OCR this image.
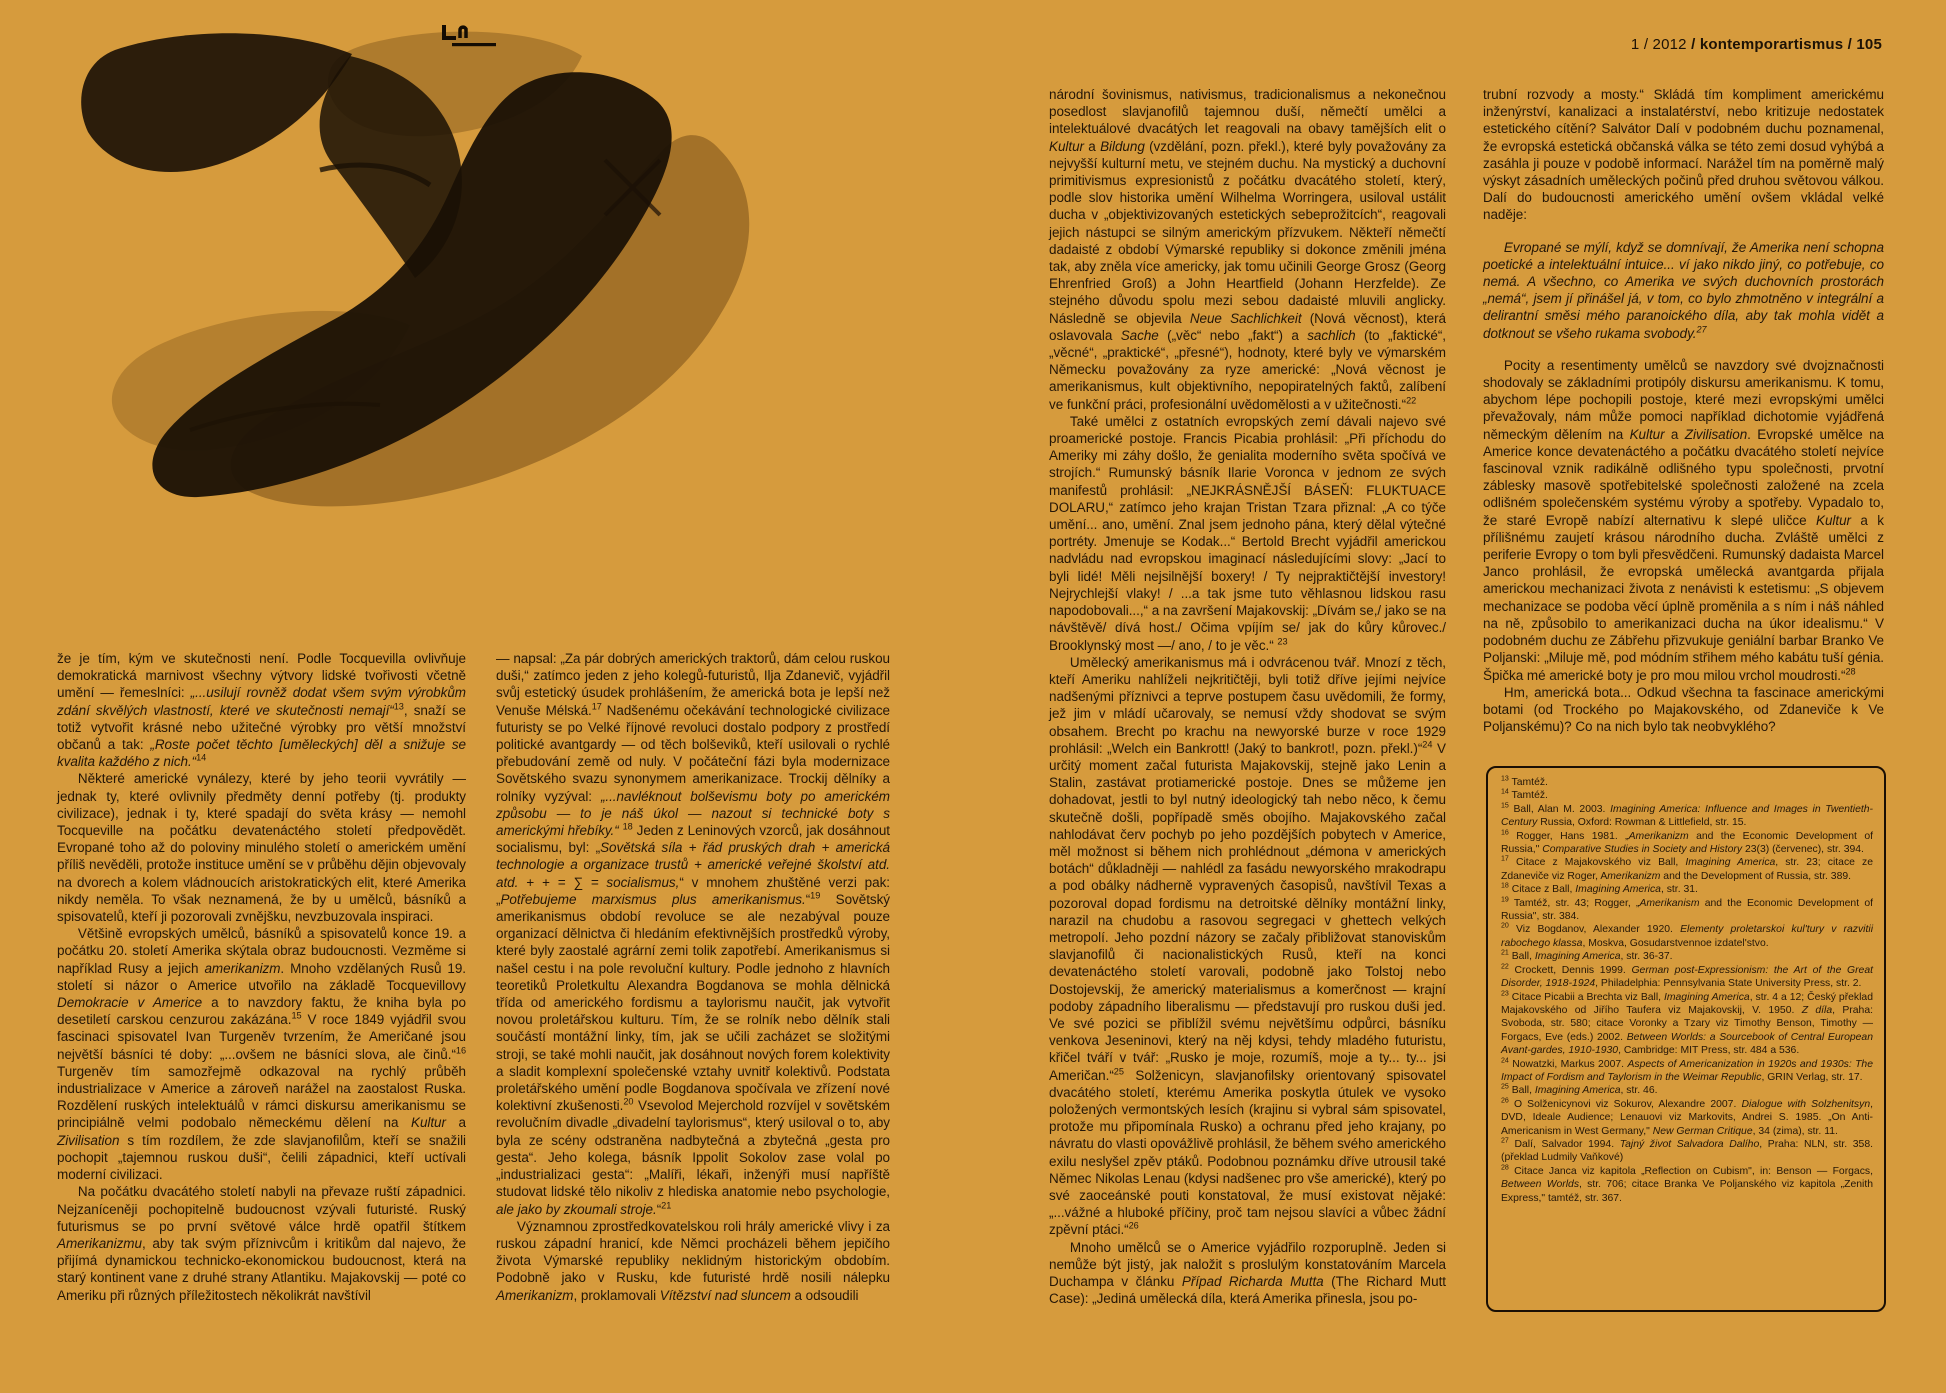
1 / 2012 / kontemporartismus / 105

že je tím, kým ve skutečnosti není. Podle Tocquevilla ovlivňuje demokratická marnivost všechny výtvory lidské tvořivosti včetně umění — řemeslníci: „...usilují rovněž dodat všem svým výrobkům zdání skvělých vlastností, které ve skutečnosti nemají“$^{13}$, snaží se totiž vytvořit krásné nebo užitečné výrobky pro větší množství občanů a tak: „Roste počet těchto [uměleckých] děl a snižuje se kvalita každého z nich.“$^{14}$

Některé americké vynálezy, které by jeho teorii vyvrátily — jednak ty, které ovlivnily předměty denní potřeby (tj. produkty civilizace), jednak i ty, které spadají do světa krásy — nemohl Tocqueville na počátku devatenáctého století předpovědět. Evropané toho až do poloviny minulého století o americkém umění příliš nevěděli, protože instituce umění se v průběhu dějin objevovaly na dvorech a kolem vládnoucích aristokratických elit, které Amerika nikdy neměla. To však neznamená, že by u umělců, básníků a spisovatelů, kteří ji pozorovali zvnějšku, nevzbuzovala inspiraci.

Většině evropských umělců, básníků a spisovatelů konce 19. a počátku 20. století Amerika skýtala obraz budoucnosti. Vezměme si například Rusy a jejich amerikanizm. Mnoho vzdělaných Rusů 19. století si názor o Americe utvořilo na základě Tocquevillovy Demokracie v Americe a to navzdory faktu, že kniha byla po desetiletí carskou cenzurou zakázána.$^{15}$ V roce 1849 vyjádřil svou fascinaci spisovatel Ivan Turgeněv tvrzením, že Američané jsou největší básníci té doby: „...ovšem ne básníci slova, ale činů.“$^{16}$ Turgeněv tím samozřejmě odkazoval na rychlý průběh industrializace v Americe a zároveň narážel na zaostalost Ruska. Rozdělení ruských intelektuálů v rámci diskursu amerikanismu se principiálně velmi podobalo německému dělení na Kultur a Zivilisation s tím rozdílem, že zde slavjanofilům, kteří se snažili pochopit „tajemnou ruskou duši“, čelili západnici, kteří uctívali moderní civilizaci.

Na počátku dvacátého století nabyli na převaze ruští západnici. Nejzaníceněji pochopitelně budoucnost vzývali futuristé. Ruský futurismus se po první světové válce hrdě opatřil štítkem Amerikanizmu, aby tak svým příznivcům i kritikům dal najevo, že přijímá dynamickou technicko-ekonomickou budoucnost, která na starý kontinent vane z druhé strany Atlantiku. Majakovskij — poté co Ameriku při různých příležitostech několikrát navštívil

— napsal: „Za pár dobrých amerických traktorů, dám celou ruskou duši,“ zatímco jeden z jeho kolegů-futuristů, Ilja Zdanevič, vyjádřil svůj estetický úsudek prohlášením, že americká bota je lepší než Venuše Mélská.$^{17}$ Nadšenému očekávání technologické civilizace futuristy se po Velké říjnové revoluci dostalo podpory z prostředí politické avantgardy — od těch bolševiků, kteří usilovali o rychlé přebudování země od nuly. V počáteční fázi byla modernizace Sovětského svazu synonymem amerikanizace. Trockij dělníky a rolníky vyzýval: „...navléknout bolševismu boty po americkém způsobu — to je náš úkol — nazout si technické boty s americkými hřebíky.“ $^{18}$ Jeden z Leninových vzorců, jak dosáhnout socialismu, byl: „Sovětská síla + řád pruských drah + americká technologie a organizace trustů + americké veřejné školství atd. atd. + + = ∑ = socialismus,“ v mnohem zhuštěné verzi pak: „Potřebujeme marxismus plus amerikanismus.“$^{19}$ Sovětský amerikanismus období revoluce se ale nezabýval pouze organizací dělnictva či hledáním efektivnějších prostředků výroby, které byly zaostalé agrární zemi tolik zapotřebí. Amerikanismus si našel cestu i na pole revoluční kultury. Podle jednoho z hlavních teoretiků Proletkultu Alexandra Bogdanova se mohla dělnická třída od amerického fordismu a taylorismu naučit, jak vytvořit novou proletářskou kulturu. Tím, že se rolník nebo dělník stali součástí montážní linky, tím, jak se učili zacházet se složitými stroji, se také mohli naučit, jak dosáhnout nových forem kolektivity a sladit komplexní společenské vztahy uvnitř kolektivů. Podstata proletářského umění podle Bogdanova spočívala ve zřízení nové kolektivní zkušenosti.$^{20}$ Vsevolod Mejerchold rozvíjel v sovětském revolučním divadle „divadelní taylorismus“, který usiloval o to, aby byla ze scény odstraněna nadbytečná a zbytečná „gesta pro gesta“. Jeho kolega, básník Ippolit Sokolov zase volal po „industrializaci gesta“: „Malíři, lékaři, inženýři musí napříště studovat lidské tělo nikoliv z hlediska anatomie nebo psychologie, ale jako by zkoumali stroje.“$^{21}$

Významnou zprostředkovatelskou roli hrály americké vlivy i za ruskou západní hranicí, kde Němci procházeli během jepičího života Výmarské republiky neklidným historickým obdobím. Podobně jako v Rusku, kde futuristé hrdě nosili nálepku Amerikanizm, proklamovali Vítězství nad sluncem a odsoudili

národní šovinismus, nativismus, tradicionalismus a nekonečnou posedlost slavjanofilů tajemnou duší, němečtí umělci a intelektuálové dvacátých let reagovali na obavy tamějších elit o Kultur a Bildung (vzdělání, pozn. překl.), které byly považovány za nejvyšší kulturní metu, ve stejném duchu. Na mystický a duchovní primitivismus expresionistů z počátku dvacátého století, který, podle slov historika umění Wilhelma Worringera, usiloval ustálit ducha v „objektivizovaných estetických sebeprožitcích“, reagovali jejich nástupci se silným americkým přízvukem. Někteří němečtí dadaisté z období Výmarské republiky si dokonce změnili jména tak, aby zněla více americky, jak tomu učinili George Grosz (Georg Ehrenfried Groß) a John Heartfield (Johann Herzfelde). Ze stejného důvodu spolu mezi sebou dadaisté mluvili anglicky. Následně se objevila Neue Sachlichkeit (Nová věcnost), která oslavovala Sache („věc“ nebo „fakt“) a sachlich (to „faktické“, „věcné“, „praktické“, „přesné“), hodnoty, které byly ve výmarském Německu považovány za ryze americké: „Nová věcnost je amerikanismus, kult objektivního, nepopiratelných faktů, zalíbení ve funkční práci, profesionální uvědomělosti a v užitečnosti.“$^{22}$

Také umělci z ostatních evropských zemí dávali najevo své proamerické postoje. Francis Picabia prohlásil: „Při příchodu do Ameriky mi záhy došlo, že genialita moderního světa spočívá ve strojích.“ Rumunský básník Ilarie Voronca v jednom ze svých manifestů prohlásil: „NEJKRÁSNĚJŠÍ BÁSEŇ: FLUKTUACE DOLARU,“ zatímco jeho krajan Tristan Tzara přiznal: „A co týče umění... ano, umění. Znal jsem jednoho pána, který dělal výtečné portréty. Jmenuje se Kodak...“ Bertold Brecht vyjádřil americkou nadvládu nad evropskou imaginací následujícími slovy: „Jací to byli lidé! Měli nejsilnější boxery! / Ty nejpraktičtější investory! Nejrychlejší vlaky! / ...a tak jsme tuto věhlasnou lidskou rasu napodobovali...,“ a na završení Majakovskij: „Dívám se,/ jako se na návštěvě/ dívá host./ Očima vpíjím se/ jak do kůry kůrovec./ Brooklynský most —/ ano, / to je věc.“ $^{23}$

Umělecký amerikanismus má i odvrácenou tvář. Mnozí z těch, kteří Ameriku nahlíželi nejkritičtěji, byli totiž dříve jejími nejvíce nadšenými příznivci a teprve postupem času uvědomili, že formy, jež jim v mládí učarovaly, se nemusí vždy shodovat se svým obsahem. Brecht po krachu na newyorské burze v roce 1929 prohlásil: „Welch ein Bankrott! (Jaký to bankrot!, pozn. překl.)“$^{24}$ V určitý moment začal futurista Majakovskij, stejně jako Lenin a Stalin, zastávat protiamerické postoje. Dnes se můžeme jen dohadovat, jestli to byl nutný ideologický tah nebo něco, k čemu skutečně došli, popřípadě směs obojího. Majakovského začal nahlodávat červ pochyb po jeho pozdějších pobytech v Americe, měl možnost si během nich prohlédnout „démona v amerických botách“ důkladněji — nahlédl za fasádu newyorského mrakodrapu a pod obálky nádherně vypravených časopisů, navštívil Texas a pozoroval dopad fordismu na detroitské dělníky montážní linky, narazil na chudobu a rasovou segregaci v ghettech velkých metropolí. Jeho pozdní názory se začaly přibližovat stanoviskům slavjanofilů či nacionalistických Rusů, kteří na konci devatenáctého století varovali, podobně jako Tolstoj nebo Dostojevskij, že americký materialismus a komerčnost — krajní podoby západního liberalismu — představují pro ruskou duši jed. Ve své pozici se přiblížil svému největšímu odpůrci, básníku venkova Jeseninovi, který na něj kdysi, tehdy mladého futuristu, křičel tváří v tvář: „Rusko je moje, rozumíš, moje a ty... ty... jsi Američan.“$^{25}$ Solženicyn, slavjanofilsky orientovaný spisovatel dvacátého století, kterému Amerika poskytla útulek ve vysoko položených vermontských lesích (krajinu si vybral sám spisovatel, protože mu připomínala Rusko) a ochranu před jeho krajany, po návratu do vlasti opovážlivě prohlásil, že během svého amerického exilu neslyšel zpěv ptáků. Podobnou poznámku dříve utrousil také Němec Nikolas Lenau (kdysi nadšenec pro vše americké), který po své zaoceánské pouti konstatoval, že musí existovat nějaké: „...vážné a hluboké příčiny, proč tam nejsou slavíci a vůbec žádní zpěvní ptáci.“$^{26}$

Mnoho umělců se o Americe vyjádřilo rozporuplně. Jeden si nemůže být jistý, jak naložit s proslulým konstatováním Marcela Duchampa v článku Případ Richarda Mutta (The Richard Mutt Case): „Jediná umělecká díla, která Amerika přinesla, jsou po-

trubní rozvody a mosty.“ Skládá tím kompliment americkému inženýrství, kanalizaci a instalatérství, nebo kritizuje nedostatek estetického cítění? Salvátor Dalí v podobném duchu poznamenal, že evropská estetická občanská válka se této zemi dosud vyhýbá a zasáhla ji pouze v podobě informací. Narážel tím na poměrně malý výskyt zásadních uměleckých počinů před druhou světovou válkou. Dalí do budoucnosti amerického umění ovšem vkládal velké naděje:

Evropané se mýlí, když se domnívají, že Amerika není schopna poetické a intelektuální intuice... ví jako nikdo jiný, co potřebuje, co nemá. A všechno, co Amerika ve svých duchovních prostorách „nemá“, jsem jí přinášel já, v tom, co bylo zhmotněno v integrální a delirantní směsi mého paranoického díla, aby tak mohla vidět a dotknout se všeho rukama svobody.$^{27}$

Pocity a resentimenty umělců se navzdory své dvojznačnosti shodovaly se základními protipóly diskursu amerikanismu. K tomu, abychom lépe pochopili postoje, které mezi evropskými umělci převažovaly, nám může pomoci například dichotomie vyjádřená německým dělením na Kultur a Zivilisation. Evropské umělce na Americe konce devatenáctého a počátku dvacátého století nejvíce fascinoval vznik radikálně odlišného typu společnosti, prvotní záblesky masově spotřebitelské společnosti založené na zcela odlišném společenském systému výroby a spotřeby. Vypadalo to, že staré Evropě nabízí alternativu k slepé uličce Kultur a k přílišnému zaujetí krásou národního ducha. Zvláště umělci z periferie Evropy o tom byli přesvědčeni. Rumunský dadaista Marcel Janco prohlásil, že evropská umělecká avantgarda přijala americkou mechanizaci života z nenávisti k estetismu: „S objevem mechanizace se podoba věcí úplně proměnila a s ním i náš náhled na ně, způsobilo to amerikanizaci ducha na úkor idealismu.“ V podobném duchu ze Zábřehu přizvukuje geniální barbar Branko Ve Poljanski: „Miluje mě, pod módním střihem mého kabátu tuší génia. Špička mé americké boty je pro mou milou vrchol moudrosti.“$^{28}$

Hm, americká bota... Odkud všechna ta fascinace americkými botami (od Trockého po Majakovského, od Zdaneviče k Ve Poljanskému)? Co na nich bylo tak neobvyklého?

$^{13}$ Tamtéž.

$^{14}$ Tamtéž.

$^{15}$ Ball, Alan M. 2003. Imagining America: Influence and Images in Twentieth-Century Russia, Oxford: Rowman & Littlefield, str. 15.

$^{16}$ Rogger, Hans 1981. „Amerikanizm and the Economic Development of Russia," Comparative Studies in Society and History 23(3) (červenec), str. 394.

$^{17}$ Citace z Majakovského viz Ball, Imagining America, str. 23; citace ze Zdaneviče viz Roger, Amerikanizm and the Development of Russia, str. 389.

$^{18}$ Citace z Ball, Imagining America, str. 31.

$^{19}$ Tamtéž, str. 43; Rogger, „Amerikanism and the Economic Development of Russia", str. 384.

$^{20}$ Viz Bogdanov, Alexander 1920. Elementy proletarskoi kul'tury v razvitii rabochego klassa, Moskva, Gosudarstvennoe izdatel'stvo.

$^{21}$ Ball, Imagining America, str. 36-37.

$^{22}$ Crockett, Dennis 1999. German post-Expressionism: the Art of the Great Disorder, 1918-1924, Philadelphia: Pennsylvania State University Press, str. 2.

$^{23}$ Citace Picabii a Brechta viz Ball, Imagining America, str. 4 a 12; Český překlad Majakovského od Jiřího Taufera viz Majakovskij, V. 1950. Z díla, Praha: Svoboda, str. 580; citace Voronky a Tzary viz Timothy Benson, Timothy — Forgacs, Eve (eds.) 2002. Between Worlds: a Sourcebook of Central European Avant-gardes, 1910-1930, Cambridge: MIT Press, str. 484 a 536.

$^{24}$ Nowatzki, Markus 2007. Aspects of Americanization in 1920s and 1930s: The Impact of Fordism and Taylorism in the Weimar Republic, GRIN Verlag, str. 17.

$^{25}$ Ball, Imagining America, str. 46.

$^{26}$ O Solženicynovi viz Sokurov, Alexandre 2007. Dialogue with Solzhenitsyn, DVD, Ideale Audience; Lenauovi viz Markovits, Andrei S. 1985. „On Anti-Americanism in West Germany," New German Critique, 34 (zima), str. 11.

$^{27}$ Dalí, Salvador 1994. Tajný život Salvadora Dalího, Praha: NLN, str. 358. (překlad Ludmily Vaňkové)

$^{28}$ Citace Janca viz kapitola „Reflection on Cubism", in: Benson — Forgacs, Between Worlds, str. 706; citace Branka Ve Poljanského viz kapitola „Zenith Express," tamtéž, str. 367.
